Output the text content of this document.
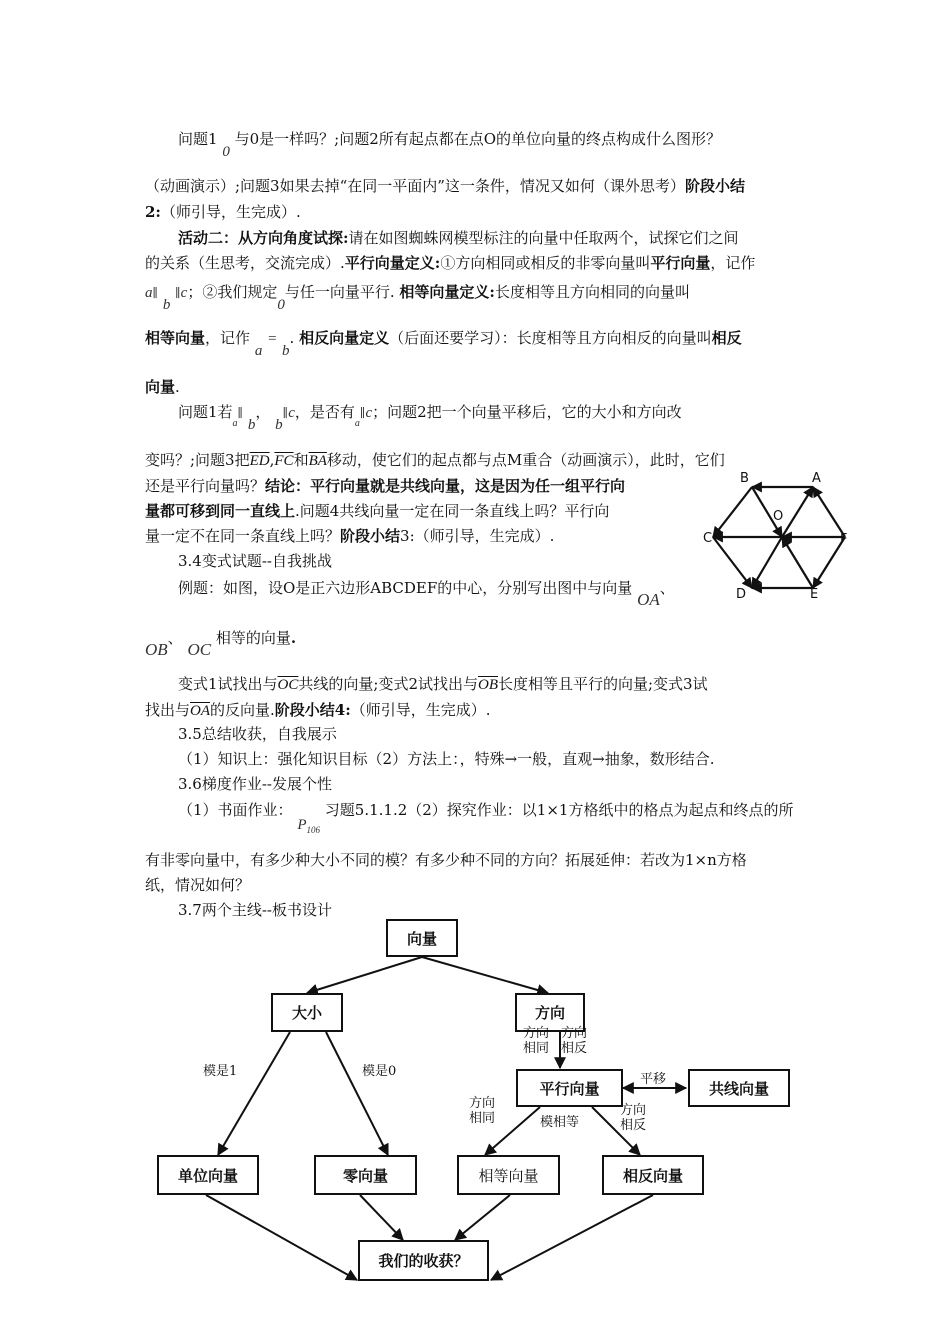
问题1 0 与0是一样吗？;问题2所有起点都在点O的单位向量的终点构成什么图形？
（动画演示）;问题3如果去掉“在同一平面内”这一条件，情况又如何（课外思考）阶段小结
2:（师引导，生完成）.
活动二：从方向角度试探:请在如图蜘蛛网模型标注的向量中任取两个，试探它们之间
的关系（生思考，交流完成）.平行向量定义:①方向相同或相反的非零向量叫平行向量，记作
a∥ b ∥c；②我们规定0与任一向量平行. 相等向量定义:长度相等且方向相同的向量叫
相等向量，记作 a = b. 相反向量定义（后面还要学习）：长度相等且方向相反的向量叫相反
向量.
问题1若$_a$∥ b， b∥c，是否有$_a$∥c；问题2把一个向量平移后，它的大小和方向改
变吗？;问题3把$\overline{ED},\overline{FC}$和$\overline{BA}$移动，使它们的起点都与点M重合（动画演示），此时，它们
还是平行向量吗？结论：平行向量就是共线向量，这是因为任一组平行向
量都可移到同一直线上.问题4共线向量一定在同一条直线上吗？平行向
量一定不在同一条直线上吗？阶段小结3:（师引导，生完成）.
3.4变式试题--自我挑战
例题：如图，设O是正六边形ABCDEF的中心，分别写出图中与向量 OA、
OB、 OC 相等的向量.
变式1试找出与$\overline{OC}$共线的向量;变式2试找出与$\overline{OB}$长度相等且平行的向量;变式3试
找出与$\overline{OA}$的反向量.阶段小结4:（师引导，生完成）.
3.5总结收获，自我展示
（1）知识上：强化知识目标（2）方法上：，特殊→一般，直观→抽象，数形结合.
3.6梯度作业--发展个性
（1）书面作业： $P_{106}$ 习题5.1.1.2（2）探究作业：以1×1方格纸中的格点为起点和终点的所
有非零向量中，有多少种大小不同的模？有多少种不同的方向？拓展延伸：若改为1×n方格
纸，情况如何？
3.7两个主线--板书设计
B	A
C	F
O
D	E
向量
大小	方向
平行向量	共线向量
单位向量	零向量	相等向量	相反向量
我们的收获？
模是1	模是0
方向
相同
方向
相反
平移
方向
相同	模相等
方向
相反
